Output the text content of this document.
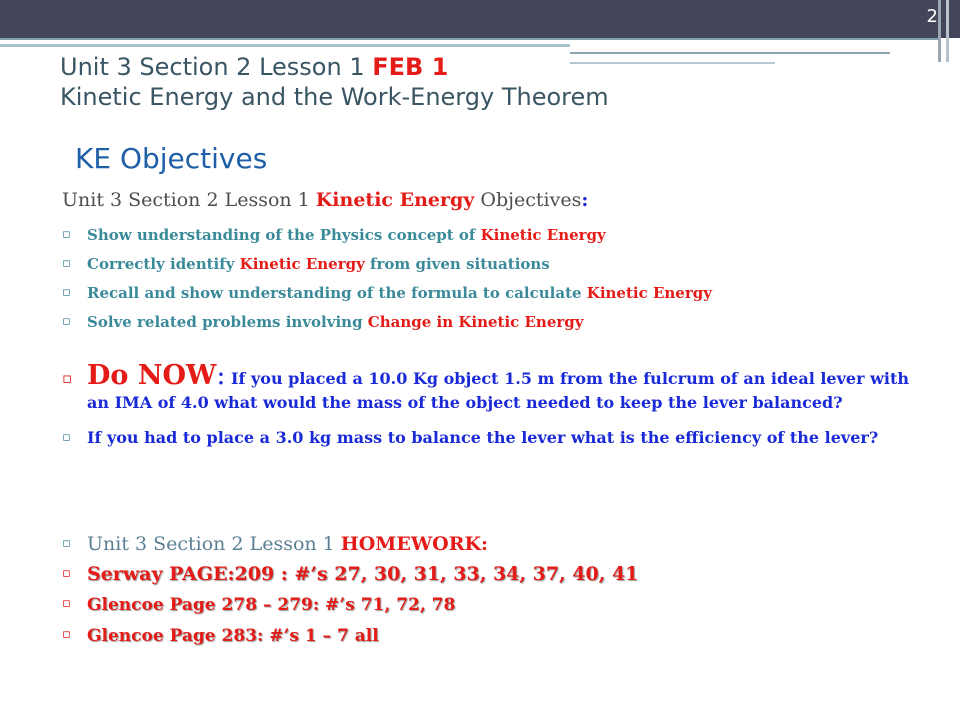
2
Unit 3 Section 2 Lesson 1 FEB 1
Kinetic Energy and the Work-Energy Theorem
KE Objectives
Unit 3 Section 2 Lesson 1 Kinetic Energy Objectives:
▫ Show understanding of the Physics concept of Kinetic Energy
▫ Correctly identify Kinetic Energy from given situations
▫ Recall and show understanding of the formula to calculate Kinetic Energy
▫ Solve related problems involving Change in Kinetic Energy
▫ Do NOW: If you placed a 10.0 Kg object 1.5 m from the fulcrum of an ideal lever with an IMA of 4.0 what would the mass of the object needed to keep the lever balanced?
▫ If you had to place a 3.0 kg mass to balance the lever what is the efficiency of the lever?
▫ Unit 3 Section 2 Lesson 1 HOMEWORK:
▫ Serway PAGE:209 : #’s 27, 30, 31, 33, 34, 37, 40, 41
▫ Glencoe Page 278 – 279: #’s 71, 72, 78
▫ Glencoe Page 283: #’s 1 – 7 all
